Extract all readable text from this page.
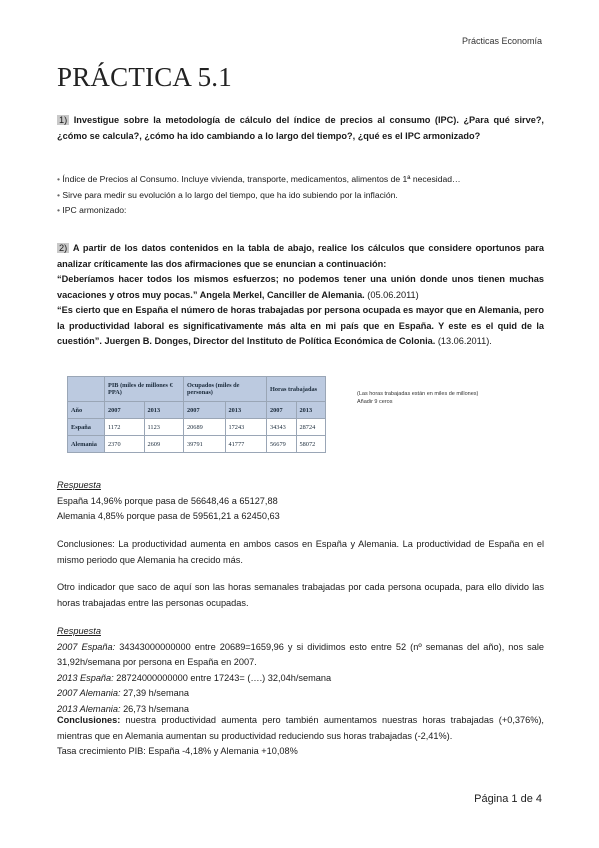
Prácticas Economía
PRÁCTICA 5.1
1) Investigue sobre la metodología de cálculo del índice de precios al consumo (IPC). ¿Para qué sirve?, ¿cómo se calcula?, ¿cómo ha ido cambiando a lo largo del tiempo?, ¿qué es el IPC armonizado?
• Índice de Precios al Consumo. Incluye vivienda, transporte, medicamentos, alimentos de 1ª necesidad…
• Sirve para medir su evolución a lo largo del tiempo, que ha ido subiendo por la inflación.
• IPC armonizado:
2) A partir de los datos contenidos en la tabla de abajo, realice los cálculos que considere oportunos para analizar críticamente las dos afirmaciones que se enuncian a continuación:
“Deberíamos hacer todos los mismos esfuerzos; no podemos tener una unión donde unos tienen muchas vacaciones y otros muy pocas.” Angela Merkel, Canciller de Alemania. (05.06.2011)
“Es cierto que en España el número de horas trabajadas por persona ocupada es mayor que en Alemania, pero la productividad laboral es significativamente más alta en mi país que en España. Y este es el quid de la cuestión”. Juergen B. Donges, Director del Instituto de Política Económica de Colonia. (13.06.2011).
	PIB (miles de millones € PPA)		Ocupados (miles de personas)		Horas trabajadas	
Año	2007	2013	2007	2013	2007	2013
España	1172	1123	20689	17243	34343	28724
Alemania	2370	2609	39791	41777	56679	58072
(Las horas trabajadas están en miles de millones)
Añadir 9 ceros
Respuesta
España 14,96% porque pasa de 56648,46 a 65127,88
Alemania 4,85% porque pasa de 59561,21 a 62450,63
Conclusiones: La productividad aumenta en ambos casos en España y Alemania. La productividad de España en el mismo periodo que Alemania ha crecido más.
Otro indicador que saco de aquí son las horas semanales trabajadas por cada persona ocupada, para ello divido las horas trabajadas entre las personas ocupadas.
Respuesta
2007 España: 34343000000000 entre 20689=1659,96 y si dividimos esto entre 52 (nº semanas del año), nos sale 31,92h/semana por persona en España en 2007.
2013 España: 28724000000000 entre 17243= (….) 32,04h/semana
2007 Alemania: 27,39 h/semana
2013 Alemania: 26,73 h/semana
Conclusiones: nuestra productividad aumenta pero también aumentamos nuestras horas trabajadas (+0,376%), mientras que en Alemania aumentan su productividad reduciendo sus horas trabajadas (-2,41%).
Tasa crecimiento PIB: España -4,18% y Alemania +10,08%
Página 1 de 4
